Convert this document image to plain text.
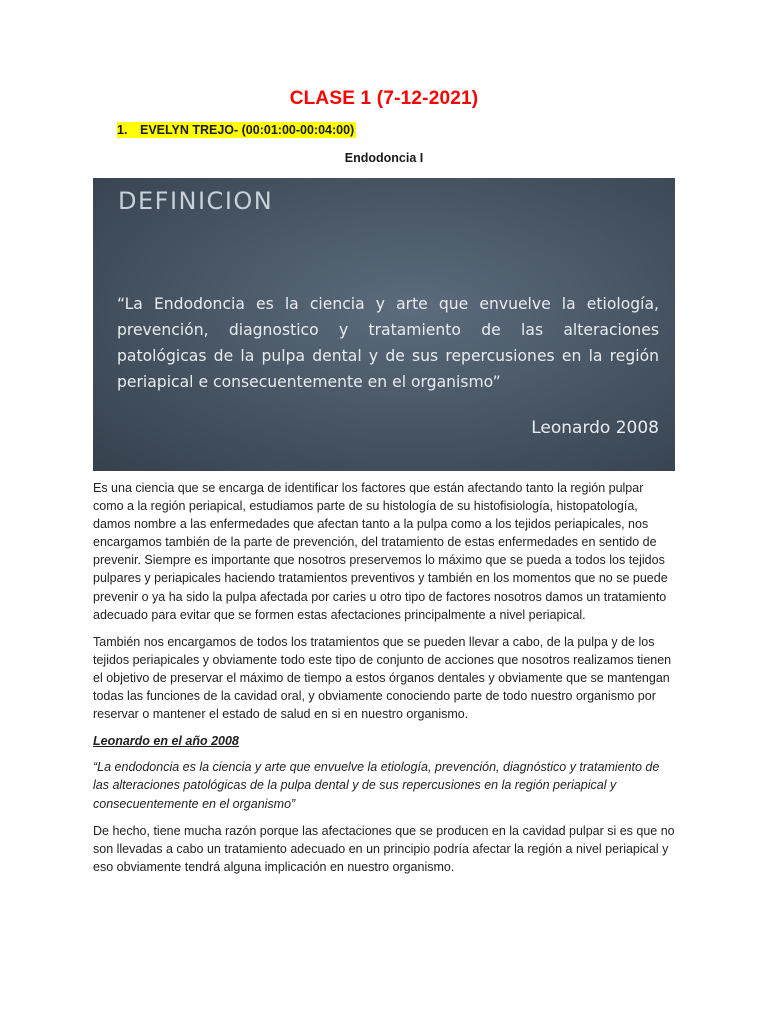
CLASE 1 (7-12-2021)
1. EVELYN TREJO- (00:01:00-00:04:00)
Endodoncia I
DEFINICION
“La Endodoncia es la ciencia y arte que envuelve la etiología, prevención, diagnostico y tratamiento de las alteraciones patológicas de la pulpa dental y de sus repercusiones en la región periapical e consecuentemente en el organismo”
Leonardo 2008

Es una ciencia que se encarga de identificar los factores que están afectando tanto la región pulpar como a la región periapical, estudiamos parte de su histología de su histofisiología, histopatología, damos nombre a las enfermedades que afectan tanto a la pulpa como a los tejidos periapicales, nos encargamos también de la parte de prevención, del tratamiento de estas enfermedades en sentido de prevenir. Siempre es importante que nosotros preservemos lo máximo que se pueda a todos los tejidos pulpares y periapicales haciendo tratamientos preventivos y también en los momentos que no se puede prevenir o ya ha sido la pulpa afectada por caries u otro tipo de factores nosotros damos un tratamiento adecuado para evitar que se formen estas afectaciones principalmente a nivel periapical.

También nos encargamos de todos los tratamientos que se pueden llevar a cabo, de la pulpa y de los tejidos periapicales y obviamente todo este tipo de conjunto de acciones que nosotros realizamos tienen el objetivo de preservar el máximo de tiempo a estos órganos dentales y obviamente que se mantengan todas las funciones de la cavidad oral, y obviamente conociendo parte de todo nuestro organismo por reservar o mantener el estado de salud en si en nuestro organismo.

Leonardo en el año 2008

“La endodoncia es la ciencia y arte que envuelve la etiología, prevención, diagnóstico y tratamiento de las alteraciones patológicas de la pulpa dental y de sus repercusiones en la región periapical y consecuentemente en el organismo”

De hecho, tiene mucha razón porque las afectaciones que se producen en la cavidad pulpar si es que no son llevadas a cabo un tratamiento adecuado en un principio podría afectar la región a nivel periapical y eso obviamente tendrá alguna implicación en nuestro organismo.
